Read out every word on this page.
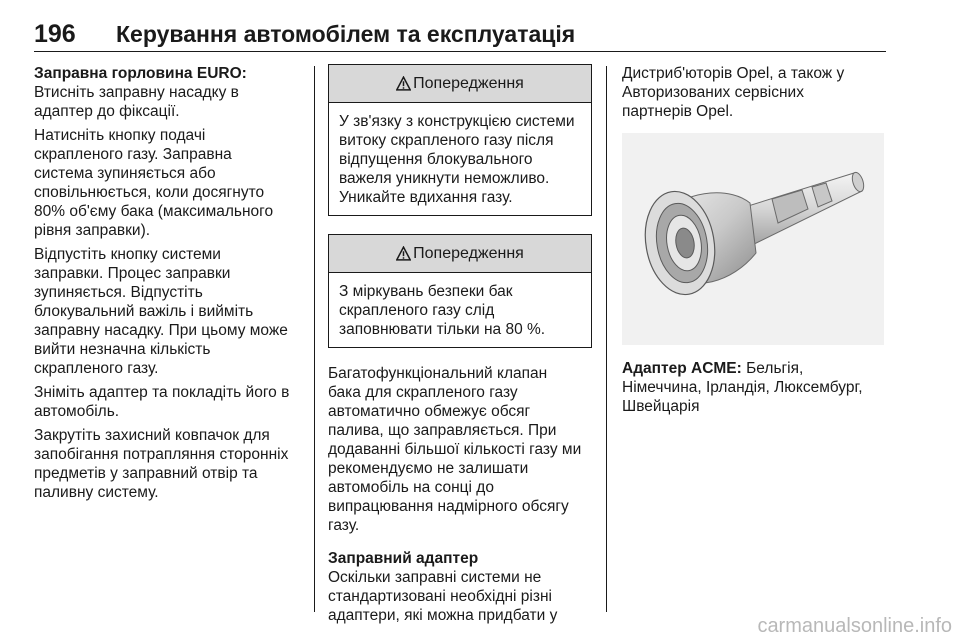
196 Керування автомобілем та експлуатація
Заправна горловина EURO:
Втисніть заправну насадку в
адаптер до фіксації.
Натисніть кнопку подачі
скрапленого газу. Заправна
система зупиняється або
сповільнюється, коли досягнуто
80% об'єму бака (максимального
рівня заправки).
Відпустіть кнопку системи
заправки. Процес заправки
зупиняється. Відпустіть
блокувальний важіль і вийміть
заправну насадку. При цьому може
вийти незначна кількість
скрапленого газу.
Зніміть адаптер та покладіть його в
автомобіль.
Закрутіть захисний ковпачок для
запобігання потрапляння сторонніх
предметів у заправний отвір та
паливну систему.
Попередження
У зв'язку з конструкцією системи
витоку скрапленого газу після
відпущення блокувального
важеля уникнути неможливо.
Уникайте вдихання газу.
Попередження
З міркувань безпеки бак
скрапленого газу слід
заповнювати тільки на 80 %.
Багатофункціональний клапан
бака для скрапленого газу
автоматично обмежує обсяг
палива, що заправляється. При
додаванні більшої кількості газу ми
рекомендуємо не залишати
автомобіль на сонці до
випрацювання надмірного обсягу
газу.
Заправний адаптер
Оскільки заправні системи не
стандартизовані необхідні різні
адаптери, які можна придбати у
Дистриб'юторів Opel, а також у
Авторизованих сервісних
партнерів Opel.
Адаптер ACME: Бельгія,
Німеччина, Ірландія, Люксембург,
Швейцарія
carmanualsonline.info
